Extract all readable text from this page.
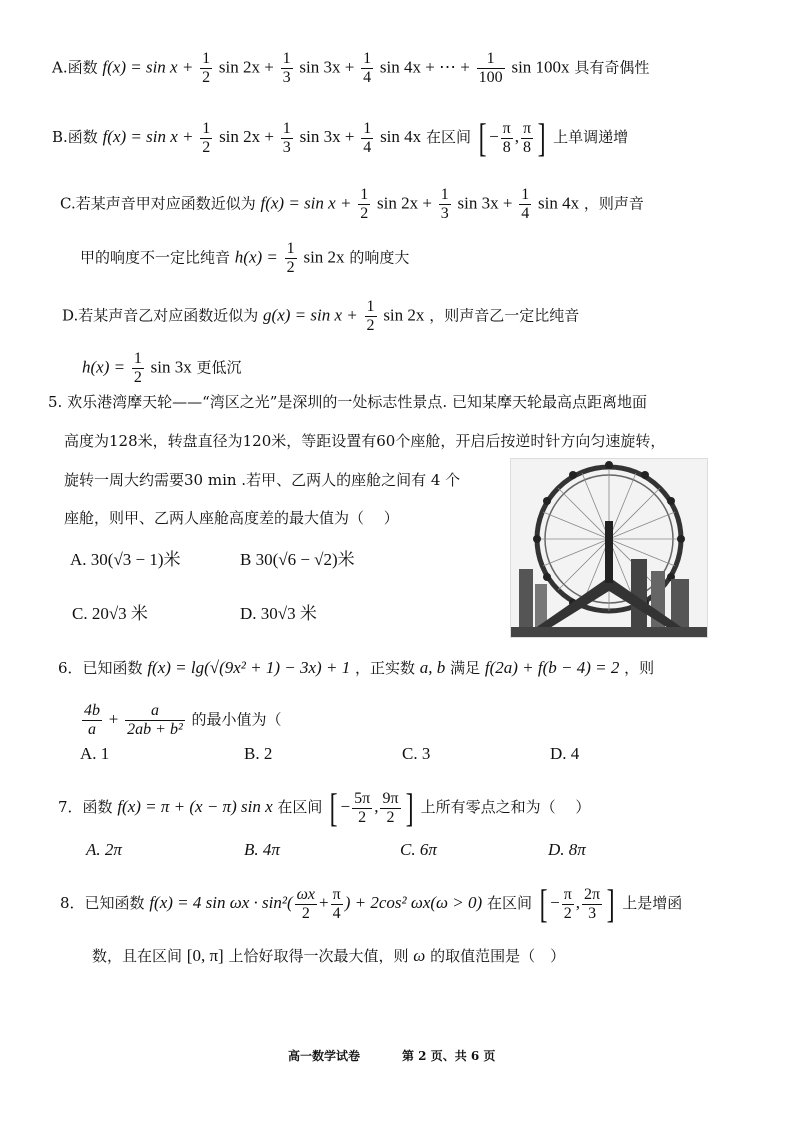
A.函数 $f(x) = \sin x + \frac{1}{2}$ $\sin 2x + \frac{1}{3}$ $\sin 3x + \frac{1}{4}$ sin 4x + ⋯ + $\frac{1}{100}$ sin 100x 具有奇偶性
B.函数 $f(x) = \sin x + \frac{1}{2}$ $\sin 2x + \frac{1}{3}$ $\sin 3x + \frac{1}{4}$ sin 4x 在区间 [ − $\frac{\pi}{8}$ , $\frac{\pi}{8}$ ] 上单调递增
C.若某声音甲对应函数近似为 $f(x) = \sin x + \frac{1}{2}$ $\sin 2x + \frac{1}{3}$ $\sin 3x + \frac{1}{4}$ sin 4x ，则声音
甲的响度不一定比纯音 $h(x) = \frac{1}{2}$ sin 2x 的响度大
D.若某声音乙对应函数近似为 $g(x) = \sin x + \frac{1}{2}$ sin 2x ，则声音乙一定比纯音
$h(x) = \frac{1}{2}$ sin 3x 更低沉
5. 欢乐港湾摩天轮——“湾区之光”是深圳的一处标志性景点. 已知某摩天轮最高点距离地面
高度为128米，转盘直径为120米，等距设置有60个座舱，开启后按逆时针方向匀速旋转，
旋转一周大约需要30 min .若甲、乙两人的座舱之间有 4 个
座舱，则甲、乙两人座舱高度差的最大值为（　 ）
A. 30(√3 − 1)米	B 30(√6 − √2)米
C. 20√3 米	D. 30√3 米
6．已知函数 f(x) = lg(√(9x² + 1) − 3x) + 1 ，正实数 a, b 满足 f(2a) + f(b − 4) = 2 ，则
$\frac{4b}{a} + \frac{a}{\text{2ab + b²}}$ 的最小值为（
A. 1	B. 2	C. 3	D. 4
7．函数 f(x) = π + (x − π) sin x 在区间 [ − $\frac{5\pi}{2}$ , $\frac{9\pi}{2}$ ] 上所有零点之和为（　 ）
A. 2π	B. 4π	C. 6π	D. 8π
8．已知函数 f(x) = 4 $\sin \omega x \cdot \sin^2( \frac{\omega x}{2} + \frac{\pi}{4}$ ) + 2cos² ωx(ω > 0) 在区间 [ − $\frac{\pi}{2}$ , $\frac{2\pi}{3}$ ] 上是增函
数，且在区间 [0, π] 上恰好取得一次最大值，则 ω 的取值范围是（　）
高一数学试卷	第 2 页、共 6 页
